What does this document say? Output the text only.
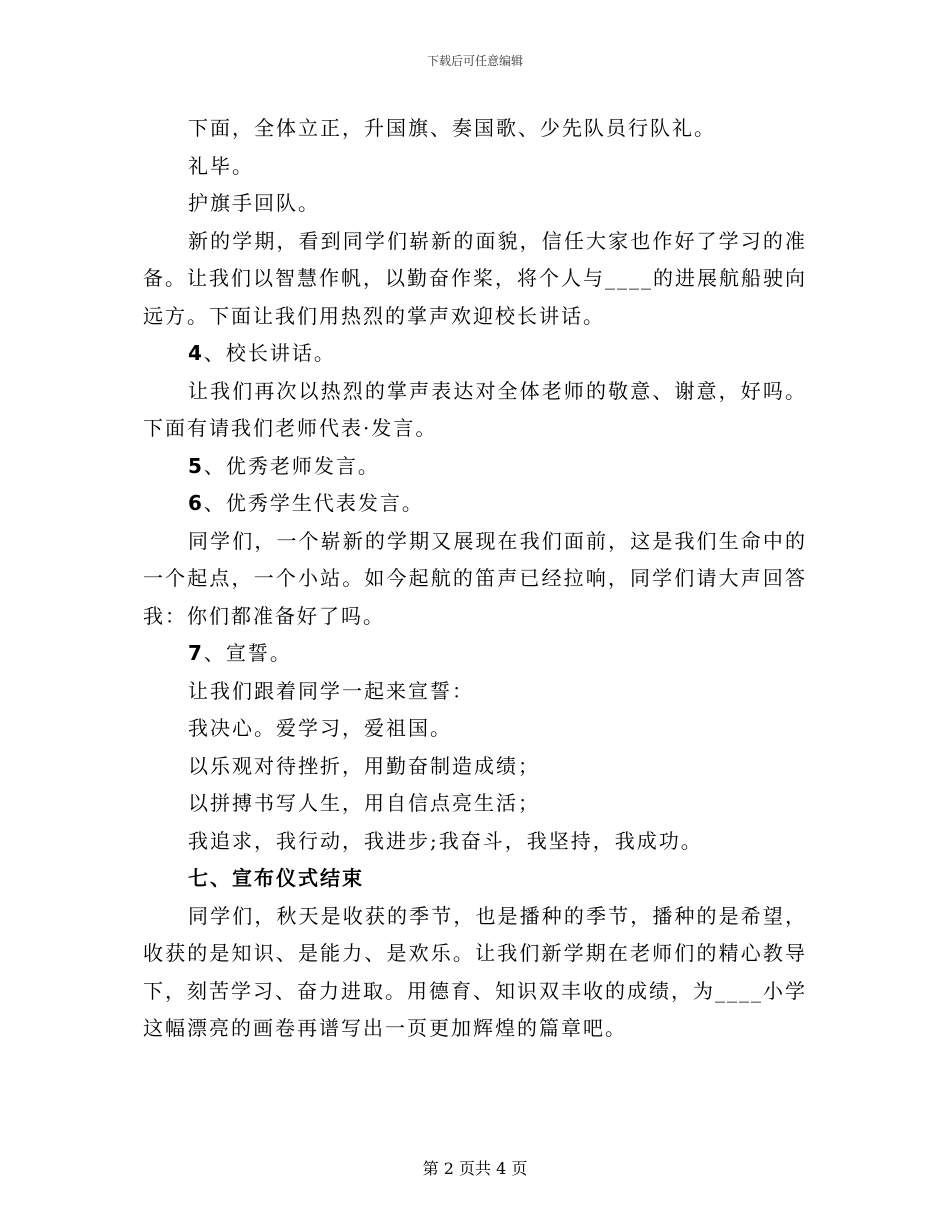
下载后可任意编辑

下面，全体立正，升国旗、奏国歌、少先队员行队礼。

礼毕。

护旗手回队。

新的学期，看到同学们崭新的面貌，信任大家也作好了学习的准备。让我们以智慧作帆，以勤奋作桨，将个人与____的进展航船驶向远方。下面让我们用热烈的掌声欢迎校长讲话。

4、校长讲话。

让我们再次以热烈的掌声表达对全体老师的敬意、谢意，好吗。下面有请我们老师代表·发言。

5、优秀老师发言。

6、优秀学生代表发言。

同学们，一个崭新的学期又展现在我们面前，这是我们生命中的一个起点，一个小站。如今起航的笛声已经拉响，同学们请大声回答我：你们都准备好了吗。

7、宣誓。

让我们跟着同学一起来宣誓：

我决心。爱学习，爱祖国。

以乐观对待挫折，用勤奋制造成绩；

以拼搏书写人生，用自信点亮生活；

我追求，我行动，我进步;我奋斗，我坚持，我成功。

七、宣布仪式结束

同学们，秋天是收获的季节，也是播种的季节，播种的是希望，收获的是知识、是能力、是欢乐。让我们新学期在老师们的精心教导下，刻苦学习、奋力进取。用德育、知识双丰收的成绩，为____小学这幅漂亮的画卷再谱写出一页更加辉煌的篇章吧。

第 2 页共 4 页
